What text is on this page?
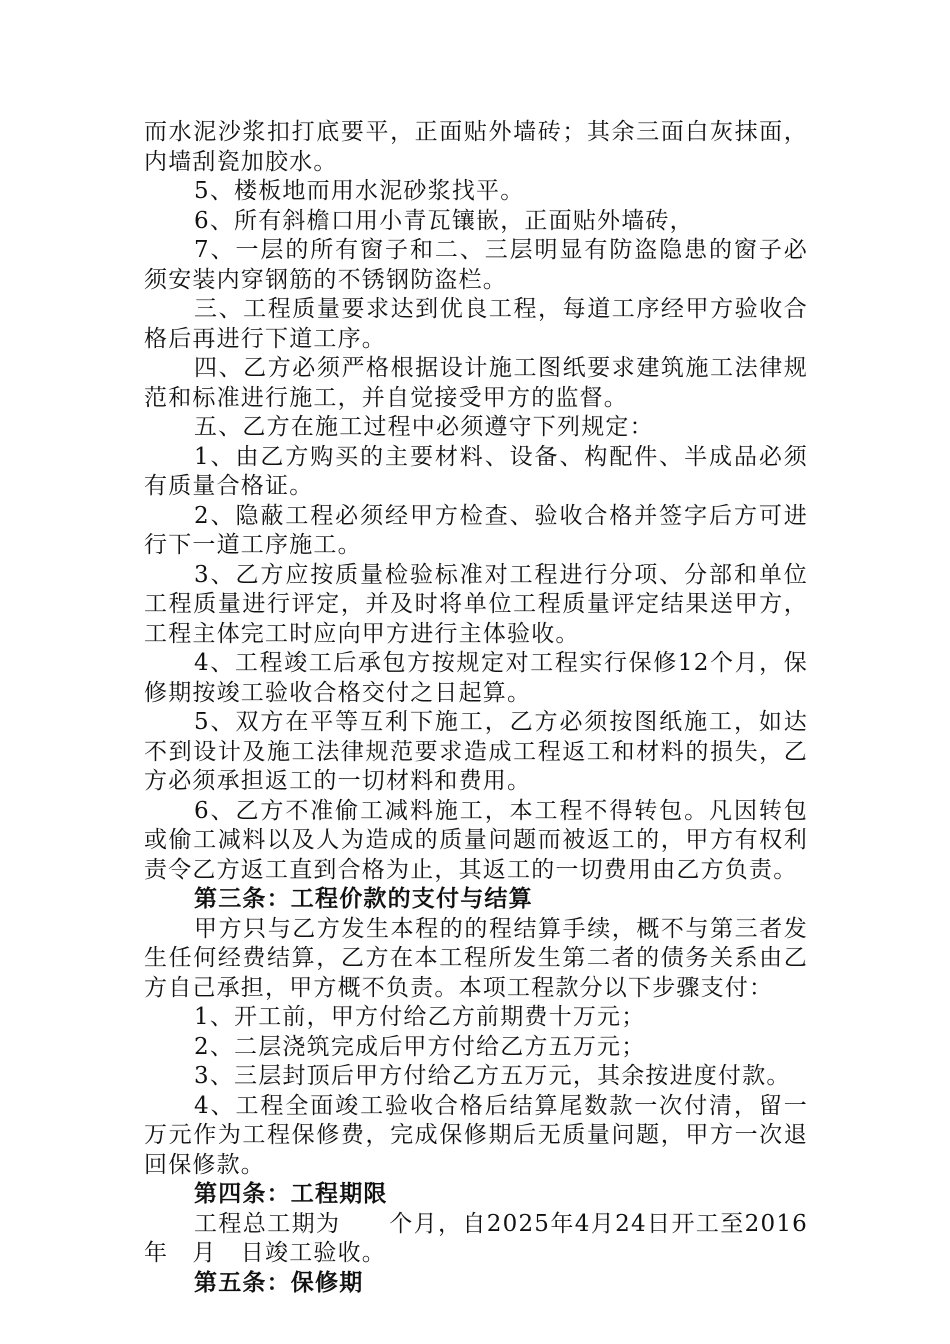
而水泥沙浆扣打底要平，正面贴外墙砖；其余三面白灰抹面，内墙刮瓷加胶水。

5、楼板地而用水泥砂浆找平。

6、所有斜檐口用小青瓦镶嵌，正面贴外墙砖，

7、一层的所有窗子和二、三层明显有防盗隐患的窗子必须安装内穿钢筋的不锈钢防盗栏。

三、工程质量要求达到优良工程，每道工序经甲方验收合格后再进行下道工序。

四、乙方必须严格根据设计施工图纸要求建筑施工法律规范和标准进行施工，并自觉接受甲方的监督。

五、乙方在施工过程中必须遵守下列规定：

1、由乙方购买的主要材料、设备、构配件、半成品必须有质量合格证。

2、隐蔽工程必须经甲方检查、验收合格并签字后方可进行下一道工序施工。

3、乙方应按质量检验标准对工程进行分项、分部和单位工程质量进行评定，并及时将单位工程质量评定结果送甲方，工程主体完工时应向甲方进行主体验收。

4、工程竣工后承包方按规定对工程实行保修12个月，保修期按竣工验收合格交付之日起算。

5、双方在平等互利下施工，乙方必须按图纸施工，如达不到设计及施工法律规范要求造成工程返工和材料的损失，乙方必须承担返工的一切材料和费用。

6、乙方不准偷工减料施工，本工程不得转包。凡因转包或偷工减料以及人为造成的质量问题而被返工的，甲方有权利责令乙方返工直到合格为止，其返工的一切费用由乙方负责。

第三条：工程价款的支付与结算

甲方只与乙方发生本程的的程结算手续，概不与第三者发生任何经费结算，乙方在本工程所发生第二者的债务关系由乙方自己承担，甲方概不负责。本项工程款分以下步骤支付：

1、开工前，甲方付给乙方前期费十万元；

2、二层浇筑完成后甲方付给乙方五万元；

3、三层封顶后甲方付给乙方五万元，其余按进度付款。

4、工程全面竣工验收合格后结算尾数款一次付清，留一万元作为工程保修费，完成保修期后无质量问题，甲方一次退回保修款。

第四条：工程期限

工程总工期为　　个月，自2025年4月24日开工至2016年　月　日竣工验收。

第五条：保修期
